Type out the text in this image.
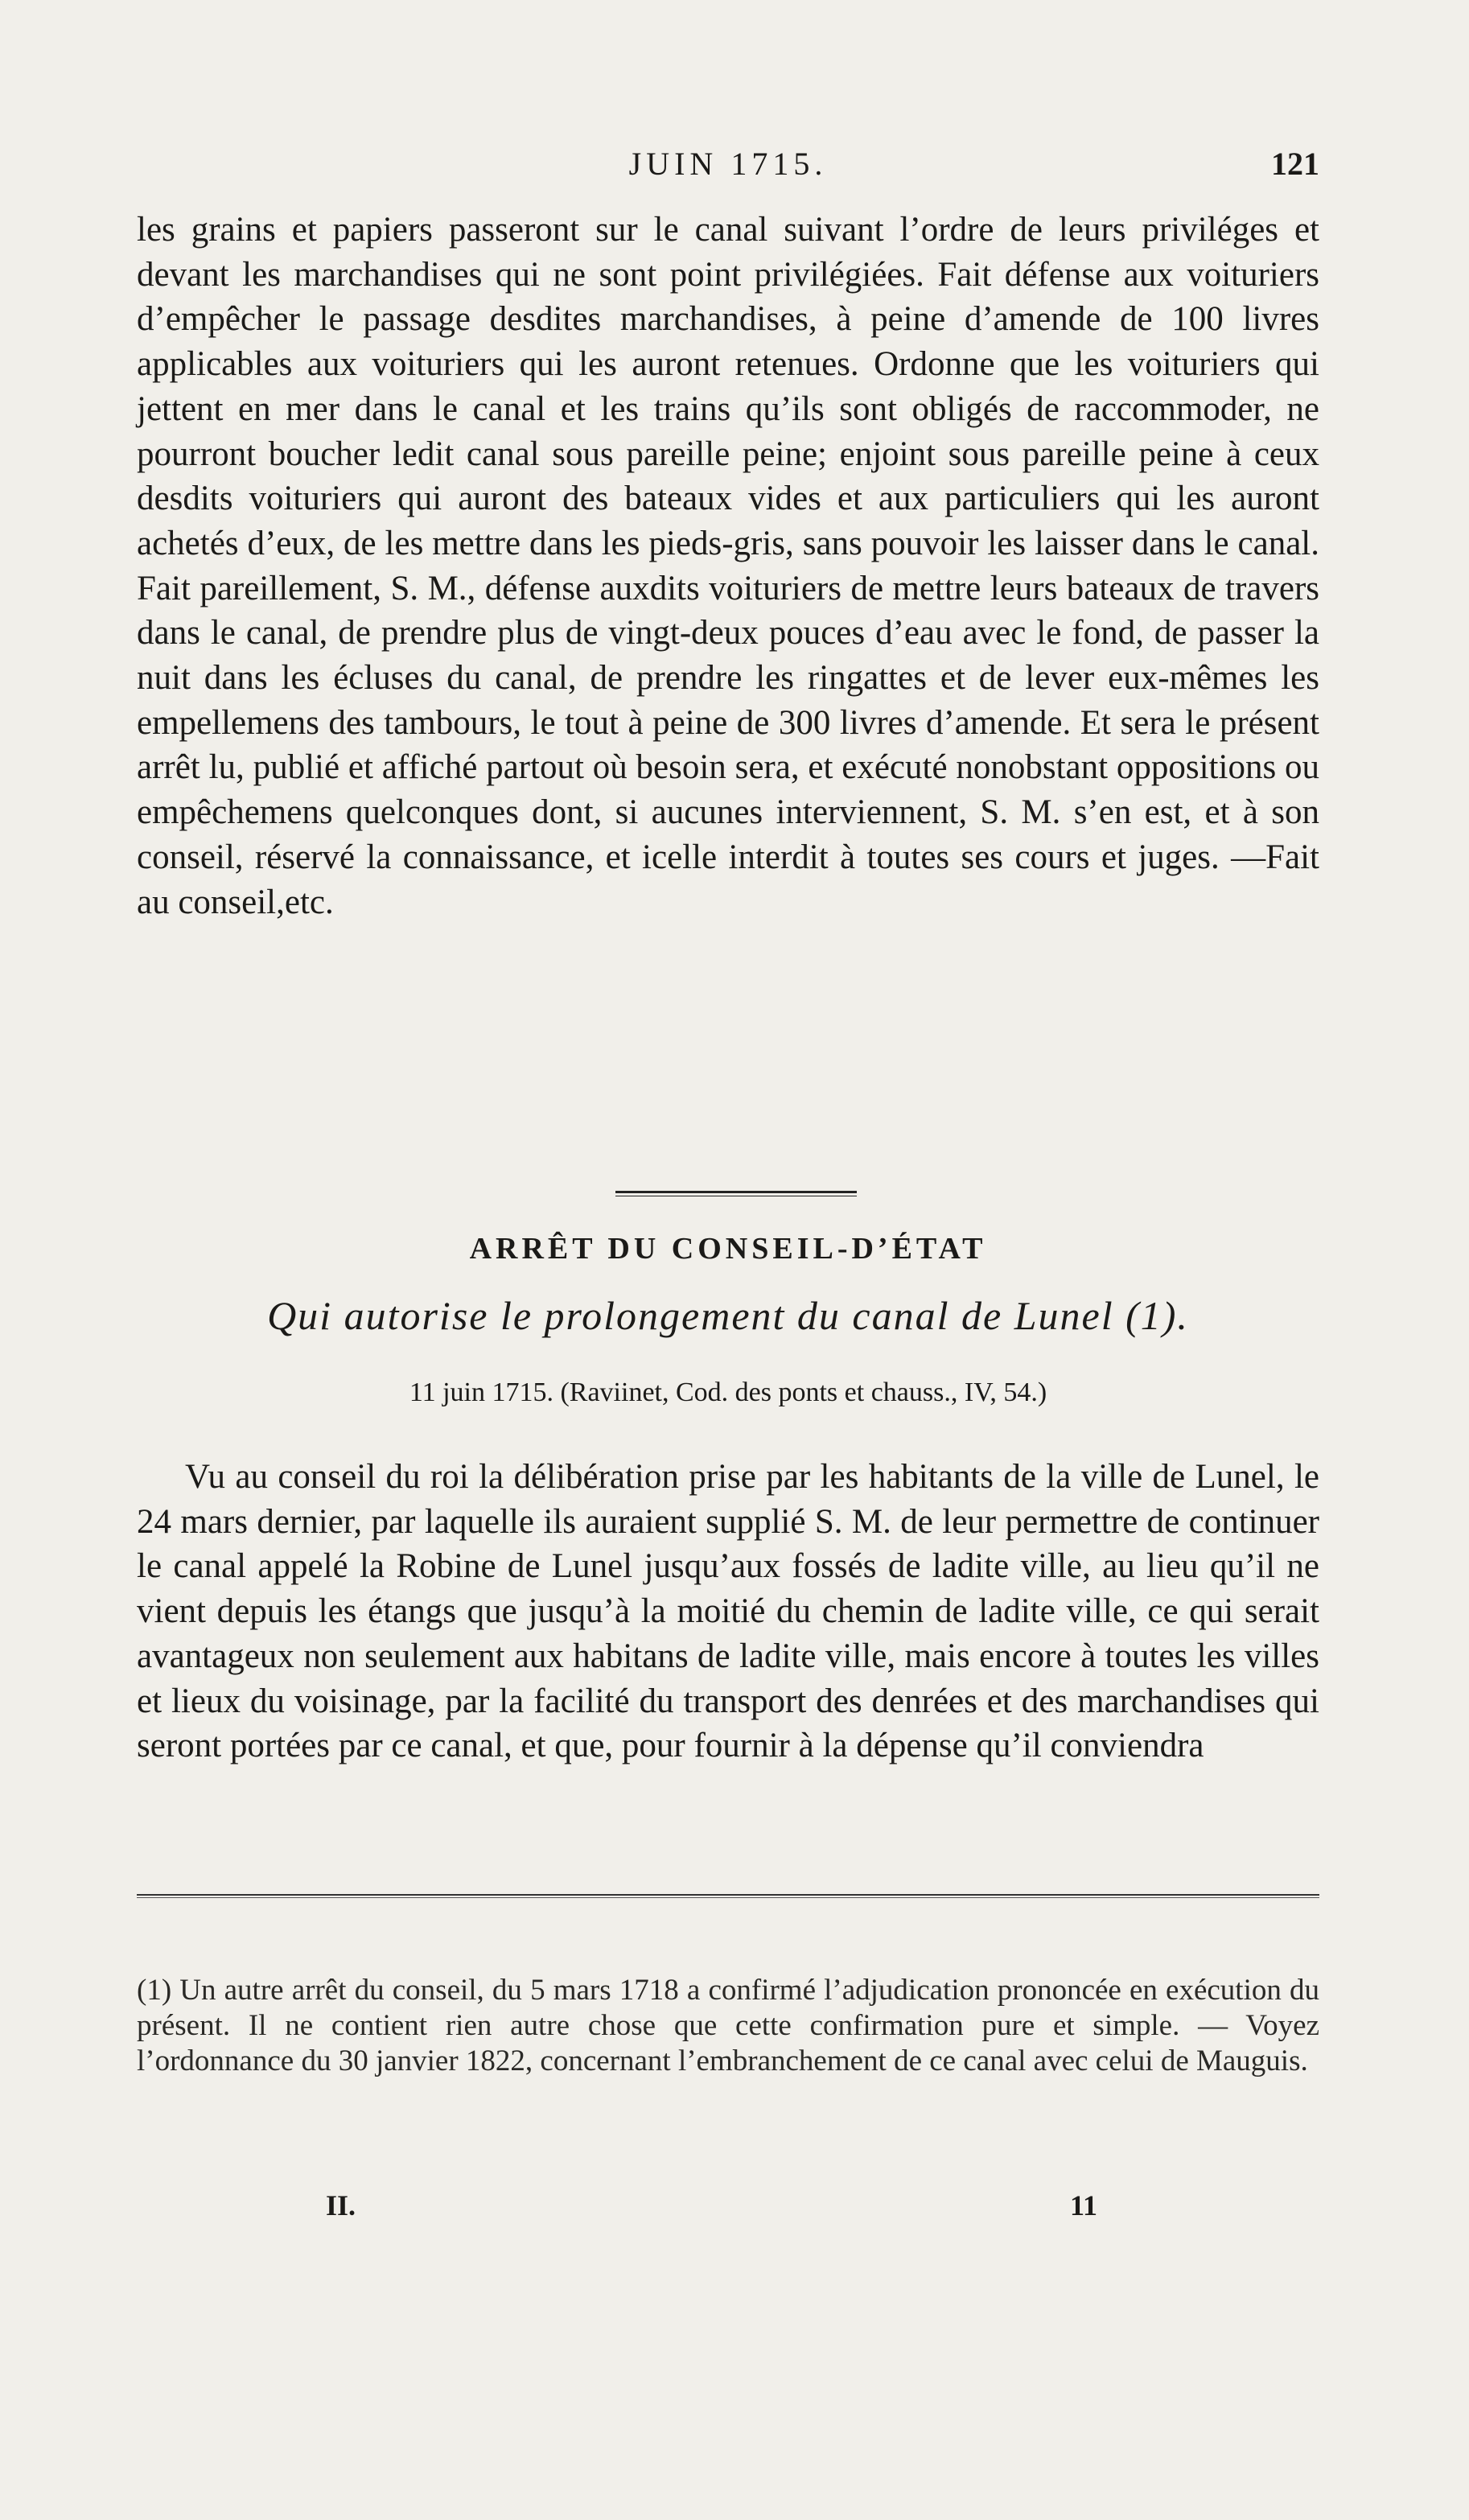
JUIN 1715.	121
les grains et papiers passeront sur le canal suivant l’ordre de leurs priviléges et devant les marchandises qui ne sont point privilégiées. Fait défense aux voituriers d’empêcher le passage desdites marchandises, à peine d’amende de 100 livres applicables aux voituriers qui les auront retenues. Ordonne que les voituriers qui jettent en mer dans le canal et les trains qu’ils sont obligés de raccommoder, ne pourront boucher ledit canal sous pareille peine; enjoint sous pareille peine à ceux desdits voituriers qui auront des bateaux vides et aux particuliers qui les auront achetés d’eux, de les mettre dans les pieds-gris, sans pouvoir les laisser dans le canal. Fait pareillement, S. M., défense auxdits voituriers de mettre leurs bateaux de travers dans le canal, de prendre plus de vingt-deux pouces d’eau avec le fond, de passer la nuit dans les écluses du canal, de prendre les ringattes et de lever eux-mêmes les empellemens des tambours, le tout à peine de 300 livres d’amende. Et sera le présent arrêt lu, publié et affiché partout où besoin sera, et exécuté nonobstant oppositions ou empêchemens quelconques dont, si aucunes interviennent, S. M. s’en est, et à son conseil, réservé la connaissance, et icelle interdit à toutes ses cours et juges. —Fait au conseil,etc.
ARRÊT DU CONSEIL-D’ÉTAT
Qui autorise le prolongement du canal de Lunel (1).
11 juin 1715. (Raviinet, Cod. des ponts et chauss., IV, 54.)
Vu au conseil du roi la délibération prise par les habitants de la ville de Lunel, le 24 mars dernier, par laquelle ils auraient supplié S. M. de leur permettre de continuer le canal appelé la Robine de Lunel jusqu’aux fossés de ladite ville, au lieu qu’il ne vient depuis les étangs que jusqu’à la moitié du chemin de ladite ville, ce qui serait avantageux non seulement aux habitans de ladite ville, mais encore à toutes les villes et lieux du voisinage, par la facilité du transport des denrées et des marchandises qui seront portées par ce canal, et que, pour fournir à la dépense qu’il conviendra
(1) Un autre arrêt du conseil, du 5 mars 1718 a confirmé l’adjudication prononcée en exécution du présent. Il ne contient rien autre chose que cette confirmation pure et simple. — Voyez l’ordonnance du 30 janvier 1822, concernant l’embranchement de ce canal avec celui de Mauguis.
II.	11
